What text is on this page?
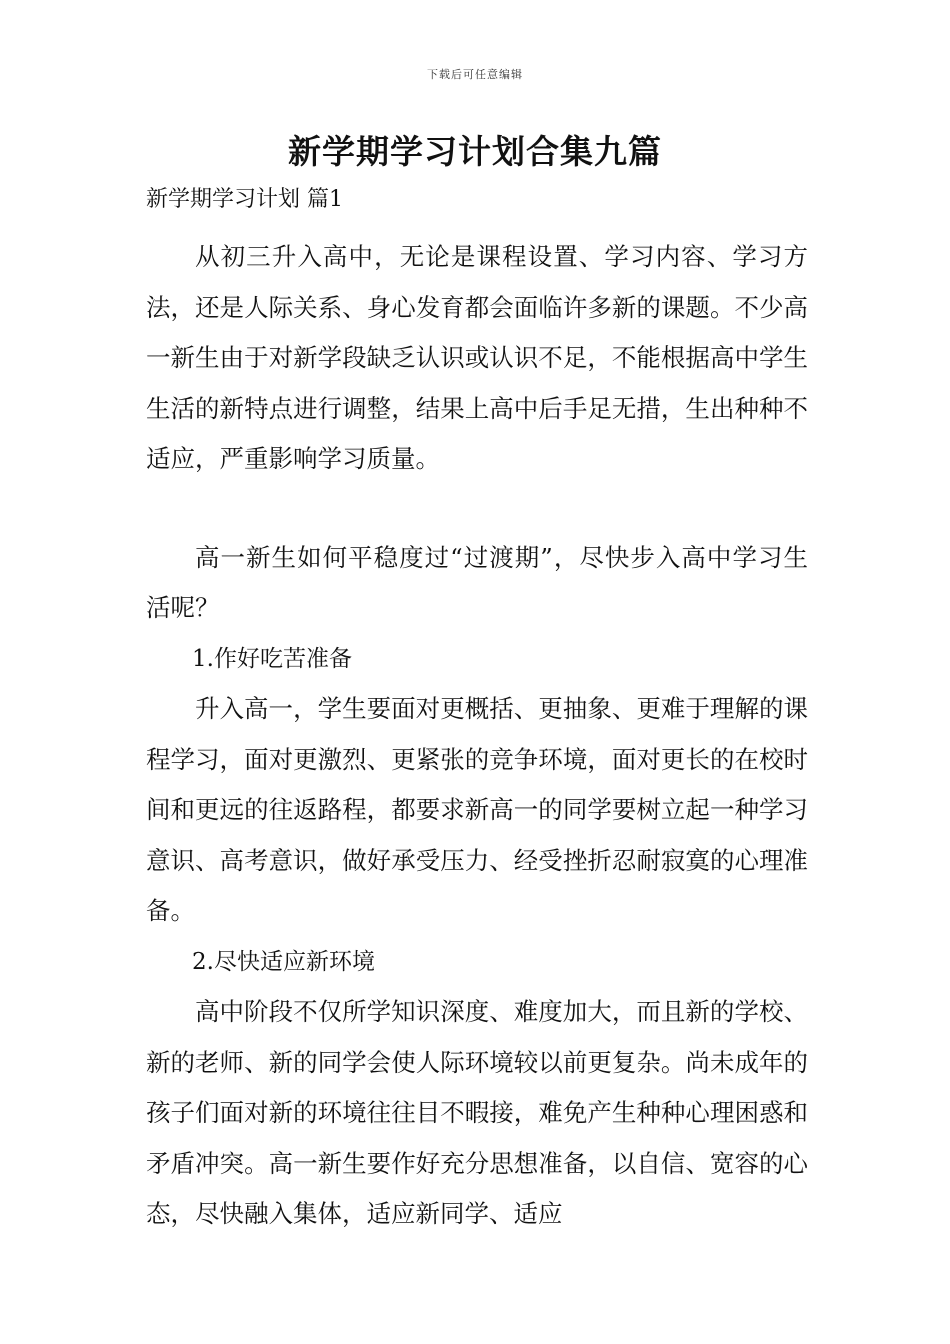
下载后可任意编辑
新学期学习计划合集九篇
新学期学习计划 篇1

从初三升入高中，无论是课程设置、学习内容、学习方法，还是人际关系、身心发育都会面临许多新的课题。不少高一新生由于对新学段缺乏认识或认识不足，不能根据高中学生生活的新特点进行调整，结果上高中后手足无措，生出种种不适应，严重影响学习质量。

高一新生如何平稳度过“过渡期”，尽快步入高中学习生活呢？

1.作好吃苦准备

升入高一，学生要面对更概括、更抽象、更难于理解的课程学习，面对更激烈、更紧张的竞争环境，面对更长的在校时间和更远的往返路程，都要求新高一的同学要树立起一种学习意识、高考意识，做好承受压力、经受挫折忍耐寂寞的心理准备。

2.尽快适应新环境

高中阶段不仅所学知识深度、难度加大，而且新的学校、新的老师、新的同学会使人际环境较以前更复杂。尚未成年的孩子们面对新的环境往往目不暇接，难免产生种种心理困惑和矛盾冲突。高一新生要作好充分思想准备，以自信、宽容的心态，尽快融入集体，适应新同学、适应
